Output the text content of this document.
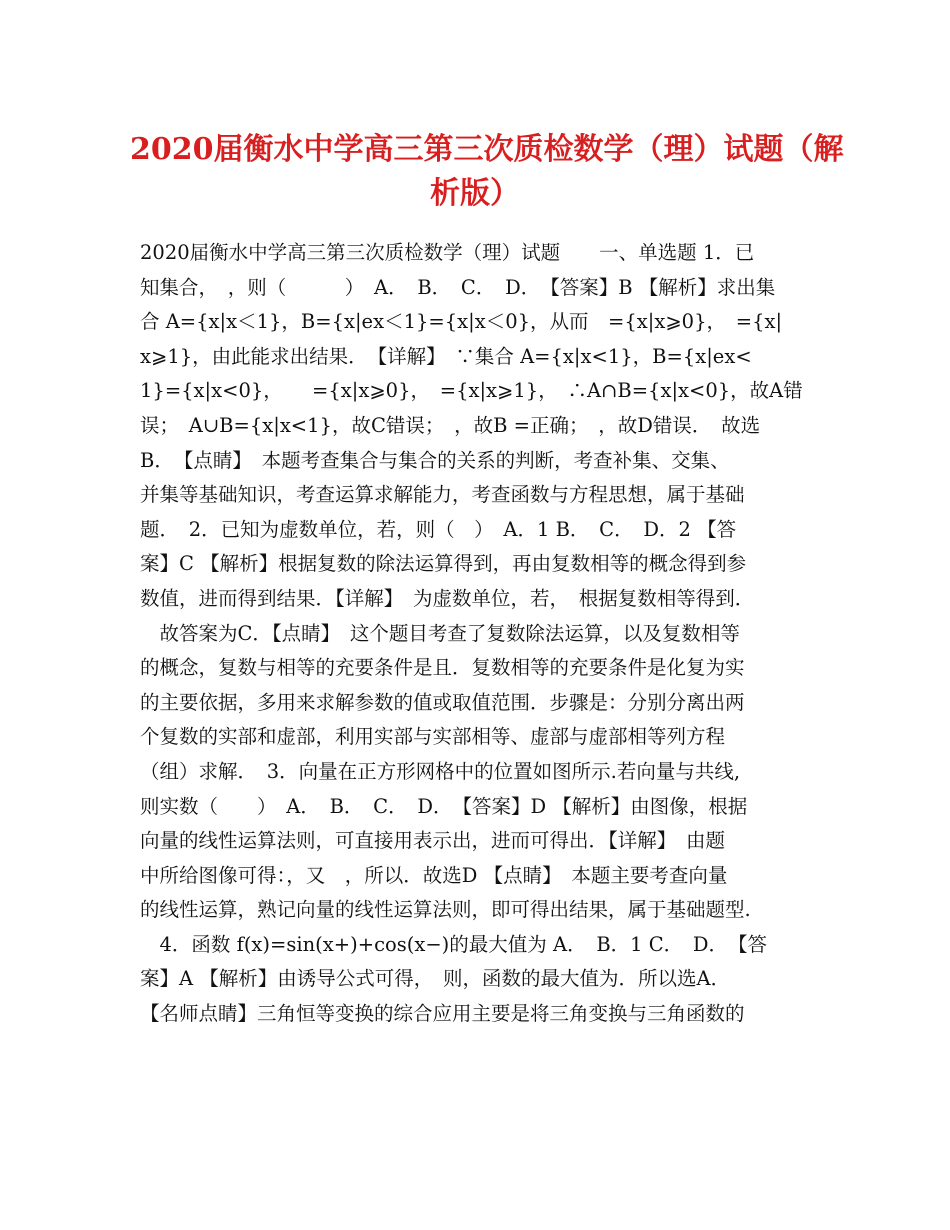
2020届衡水中学高三第三次质检数学（理）试题（解
析版）
2020届衡水中学高三第三次质检数学（理）试题　　一、单选题 1．已
知集合，　，则（　　　）　A．　B．　C．　D．　【答案】B 【解析】求出集
合 A={x|x＜1}，B={x|ex＜1}={x|x＜0}，从而　={x|x⩾0}，　={x|
x⩾1}，由此能求出结果．　【详解】　∵集合 A={x|x<1}，B={x|ex<
1}={x|x<0}，　　={x|x⩾0}，　={x|x⩾1}，　∴A∩B={x|x<0}，故A错
误；　A∪B={x|x<1}，故C错误；　，故B =正确；　，故D错误．　故选
B．　【点睛】　本题考查集合与集合的关系的判断，考查补集、交集、
并集等基础知识，考查运算求解能力，考查函数与方程思想，属于基础
题．　2．已知为虚数单位，若，则（　）　A．1 B．　C．　D．2 【答
案】C 【解析】根据复数的除法运算得到，再由复数相等的概念得到参
数值，进而得到结果．【详解】　为虚数单位，若，　根据复数相等得到．
　故答案为C．【点睛】　这个题目考查了复数除法运算，以及复数相等
的概念，复数与相等的充要条件是且．复数相等的充要条件是化复为实
的主要依据，多用来求解参数的值或取值范围．步骤是：分别分离出两
个复数的实部和虚部，利用实部与实部相等、虚部与虚部相等列方程
（组）求解．　3．向量在正方形网格中的位置如图所示.若向量与共线,
则实数（　　）　A．　B．　C．　D．　【答案】D 【解析】由图像，根据
向量的线性运算法则，可直接用表示出，进而可得出．【详解】　由题
中所给图像可得：，又　，所以．故选D 【点睛】　本题主要考查向量
的线性运算，熟记向量的线性运算法则，即可得出结果，属于基础题型.
　4．函数 f(x)=sin(x+)+cos(x−)的最大值为 A．　B．1 C．　D．　【答
案】A 【解析】由诱导公式可得，　则，函数的最大值为．所以选A．
【名师点睛】三角恒等变换的综合应用主要是将三角变换与三角函数的
